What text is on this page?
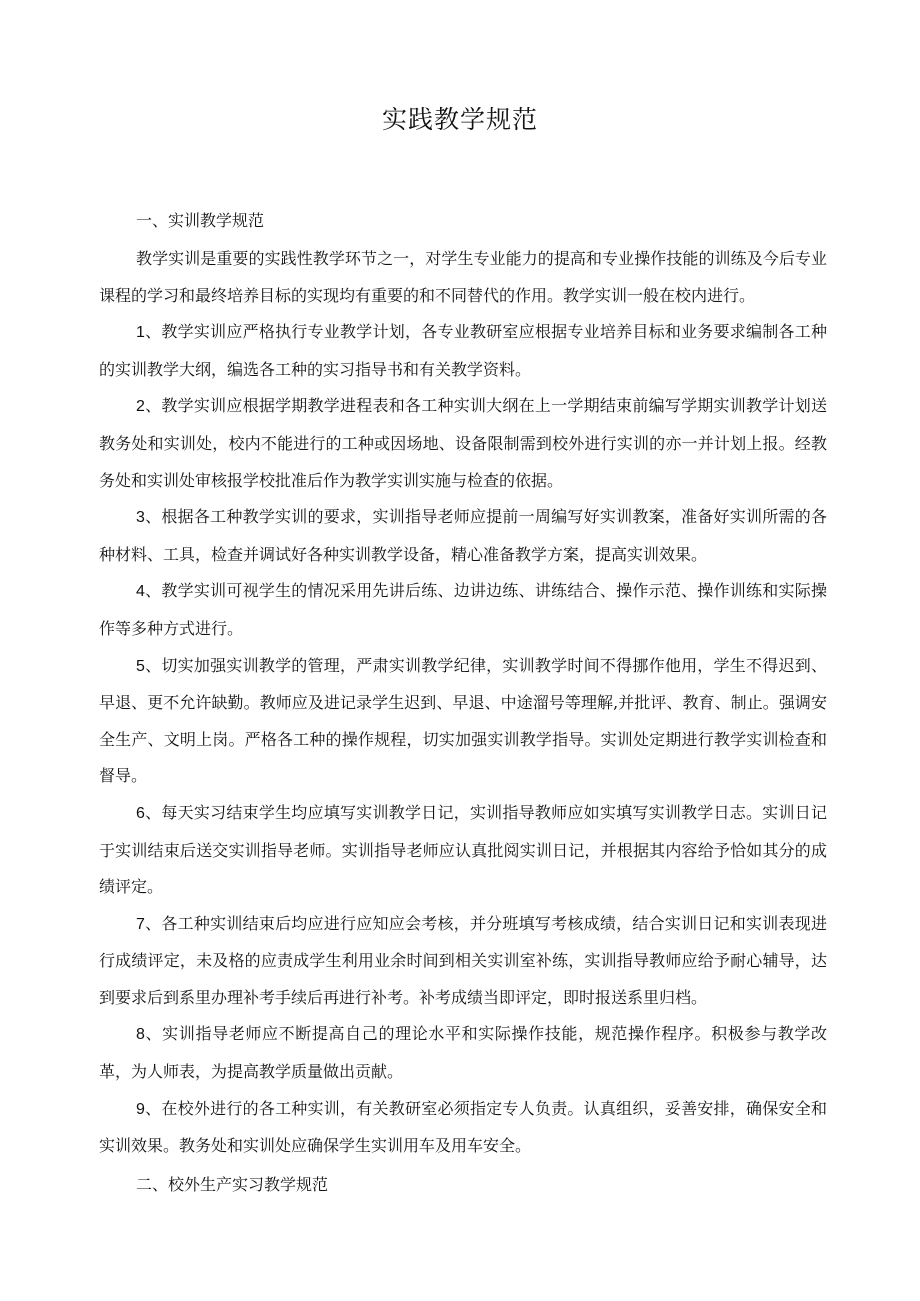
实践教学规范
一、实训教学规范

教学实训是重要的实践性教学环节之一，对学生专业能力的提高和专业操作技能的训练及今后专业课程的学习和最终培养目标的实现均有重要的和不同替代的作用。教学实训一般在校内进行。

1、教学实训应严格执行专业教学计划，各专业教研室应根据专业培养目标和业务要求编制各工种的实训教学大纲，编选各工种的实习指导书和有关教学资料。

2、教学实训应根据学期教学进程表和各工种实训大纲在上一学期结束前编写学期实训教学计划送教务处和实训处，校内不能进行的工种或因场地、设备限制需到校外进行实训的亦一并计划上报。经教务处和实训处审核报学校批准后作为教学实训实施与检查的依据。

3、根据各工种教学实训的要求，实训指导老师应提前一周编写好实训教案，准备好实训所需的各种材料、工具，检查并调试好各种实训教学设备，精心准备教学方案，提高实训效果。

4、教学实训可视学生的情况采用先讲后练、边讲边练、讲练结合、操作示范、操作训练和实际操作等多种方式进行。

5、切实加强实训教学的管理，严肃实训教学纪律，实训教学时间不得挪作他用，学生不得迟到、早退、更不允许缺勤。教师应及进记录学生迟到、早退、中途溜号等理解,并批评、教育、制止。强调安全生产、文明上岗。严格各工种的操作规程，切实加强实训教学指导。实训处定期进行教学实训检查和督导。

6、每天实习结束学生均应填写实训教学日记，实训指导教师应如实填写实训教学日志。实训日记于实训结束后送交实训指导老师。实训指导老师应认真批阅实训日记，并根据其内容给予恰如其分的成绩评定。

7、各工种实训结束后均应进行应知应会考核，并分班填写考核成绩，结合实训日记和实训表现进行成绩评定，未及格的应责成学生利用业余时间到相关实训室补练，实训指导教师应给予耐心辅导，达到要求后到系里办理补考手续后再进行补考。补考成绩当即评定，即时报送系里归档。

8、实训指导老师应不断提高自己的理论水平和实际操作技能，规范操作程序。积极参与教学改革，为人师表，为提高教学质量做出贡献。

9、在校外进行的各工种实训，有关教研室必须指定专人负责。认真组织，妥善安排，确保安全和实训效果。教务处和实训处应确保学生实训用车及用车安全。

二、校外生产实习教学规范
